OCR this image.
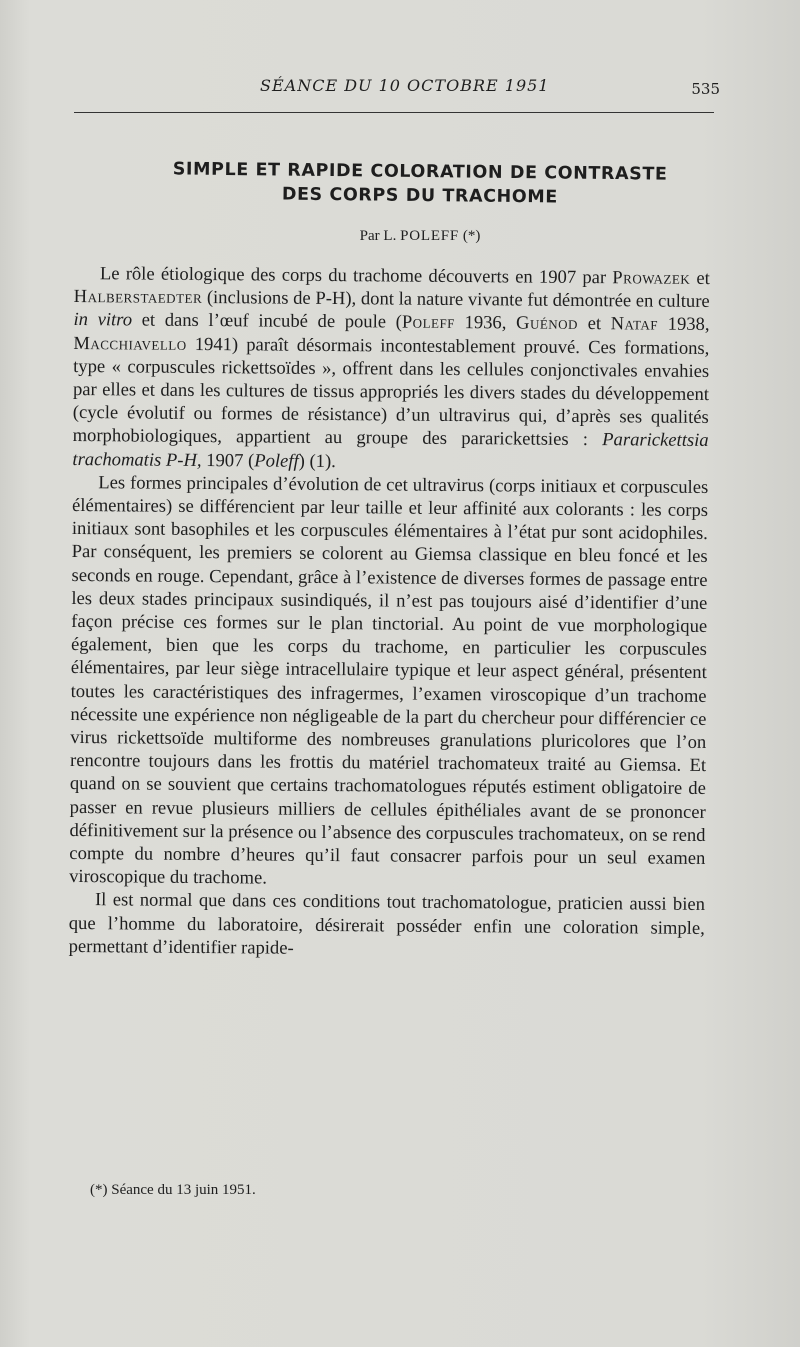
SÉANCE DU 10 OCTOBRE 1951	535
SIMPLE ET RAPIDE COLORATION DE CONTRASTE
DES CORPS DU TRACHOME
Par L. POLEFF (*)

Le rôle étiologique des corps du trachome découverts en 1907 par Prowazek et Halberstaedter (inclusions de P-H), dont la nature vivante fut démontrée en culture in vitro et dans l’œuf incubé de poule (Poleff 1936, Guénod et Nataf 1938, Macchiavello 1941) paraît désormais incontestablement prouvé. Ces formations, type « corpuscules rickettsoïdes », offrent dans les cellules conjonctivales envahies par elles et dans les cultures de tissus appropriés les divers stades du développement (cycle évolutif ou formes de résistance) d’un ultravirus qui, d’après ses qualités morphobiologiques, appartient au groupe des pararickettsies : Pararickettsia trachomatis P-H, 1907 (Poleff) (1).

Les formes principales d’évolution de cet ultravirus (corps initiaux et corpuscules élémentaires) se différencient par leur taille et leur affinité aux colorants : les corps initiaux sont basophiles et les corpuscules élémentaires à l’état pur sont acidophiles. Par conséquent, les premiers se colorent au Giemsa classique en bleu foncé et les seconds en rouge. Cependant, grâce à l’existence de diverses formes de passage entre les deux stades principaux susindiqués, il n’est pas toujours aisé d’identifier d’une façon précise ces formes sur le plan tinctorial. Au point de vue morphologique également, bien que les corps du trachome, en particulier les corpuscules élémentaires, par leur siège intracellulaire typique et leur aspect général, présentent toutes les caractéristiques des infragermes, l’examen viroscopique d’un trachome nécessite une expérience non négligeable de la part du chercheur pour différencier ce virus rickettsoïde multiforme des nombreuses granulations pluricolores que l’on rencontre toujours dans les frottis du matériel trachomateux traité au Giemsa. Et quand on se souvient que certains trachomatologues réputés estiment obligatoire de passer en revue plusieurs milliers de cellules épithéliales avant de se prononcer définitivement sur la présence ou l’absence des corpuscules trachomateux, on se rend compte du nombre d’heures qu’il faut consacrer parfois pour un seul examen viroscopique du trachome.

Il est normal que dans ces conditions tout trachomatologue, praticien aussi bien que l’homme du laboratoire, désirerait posséder enfin une coloration simple, permettant d’identifier rapide-

(*) Séance du 13 juin 1951.
